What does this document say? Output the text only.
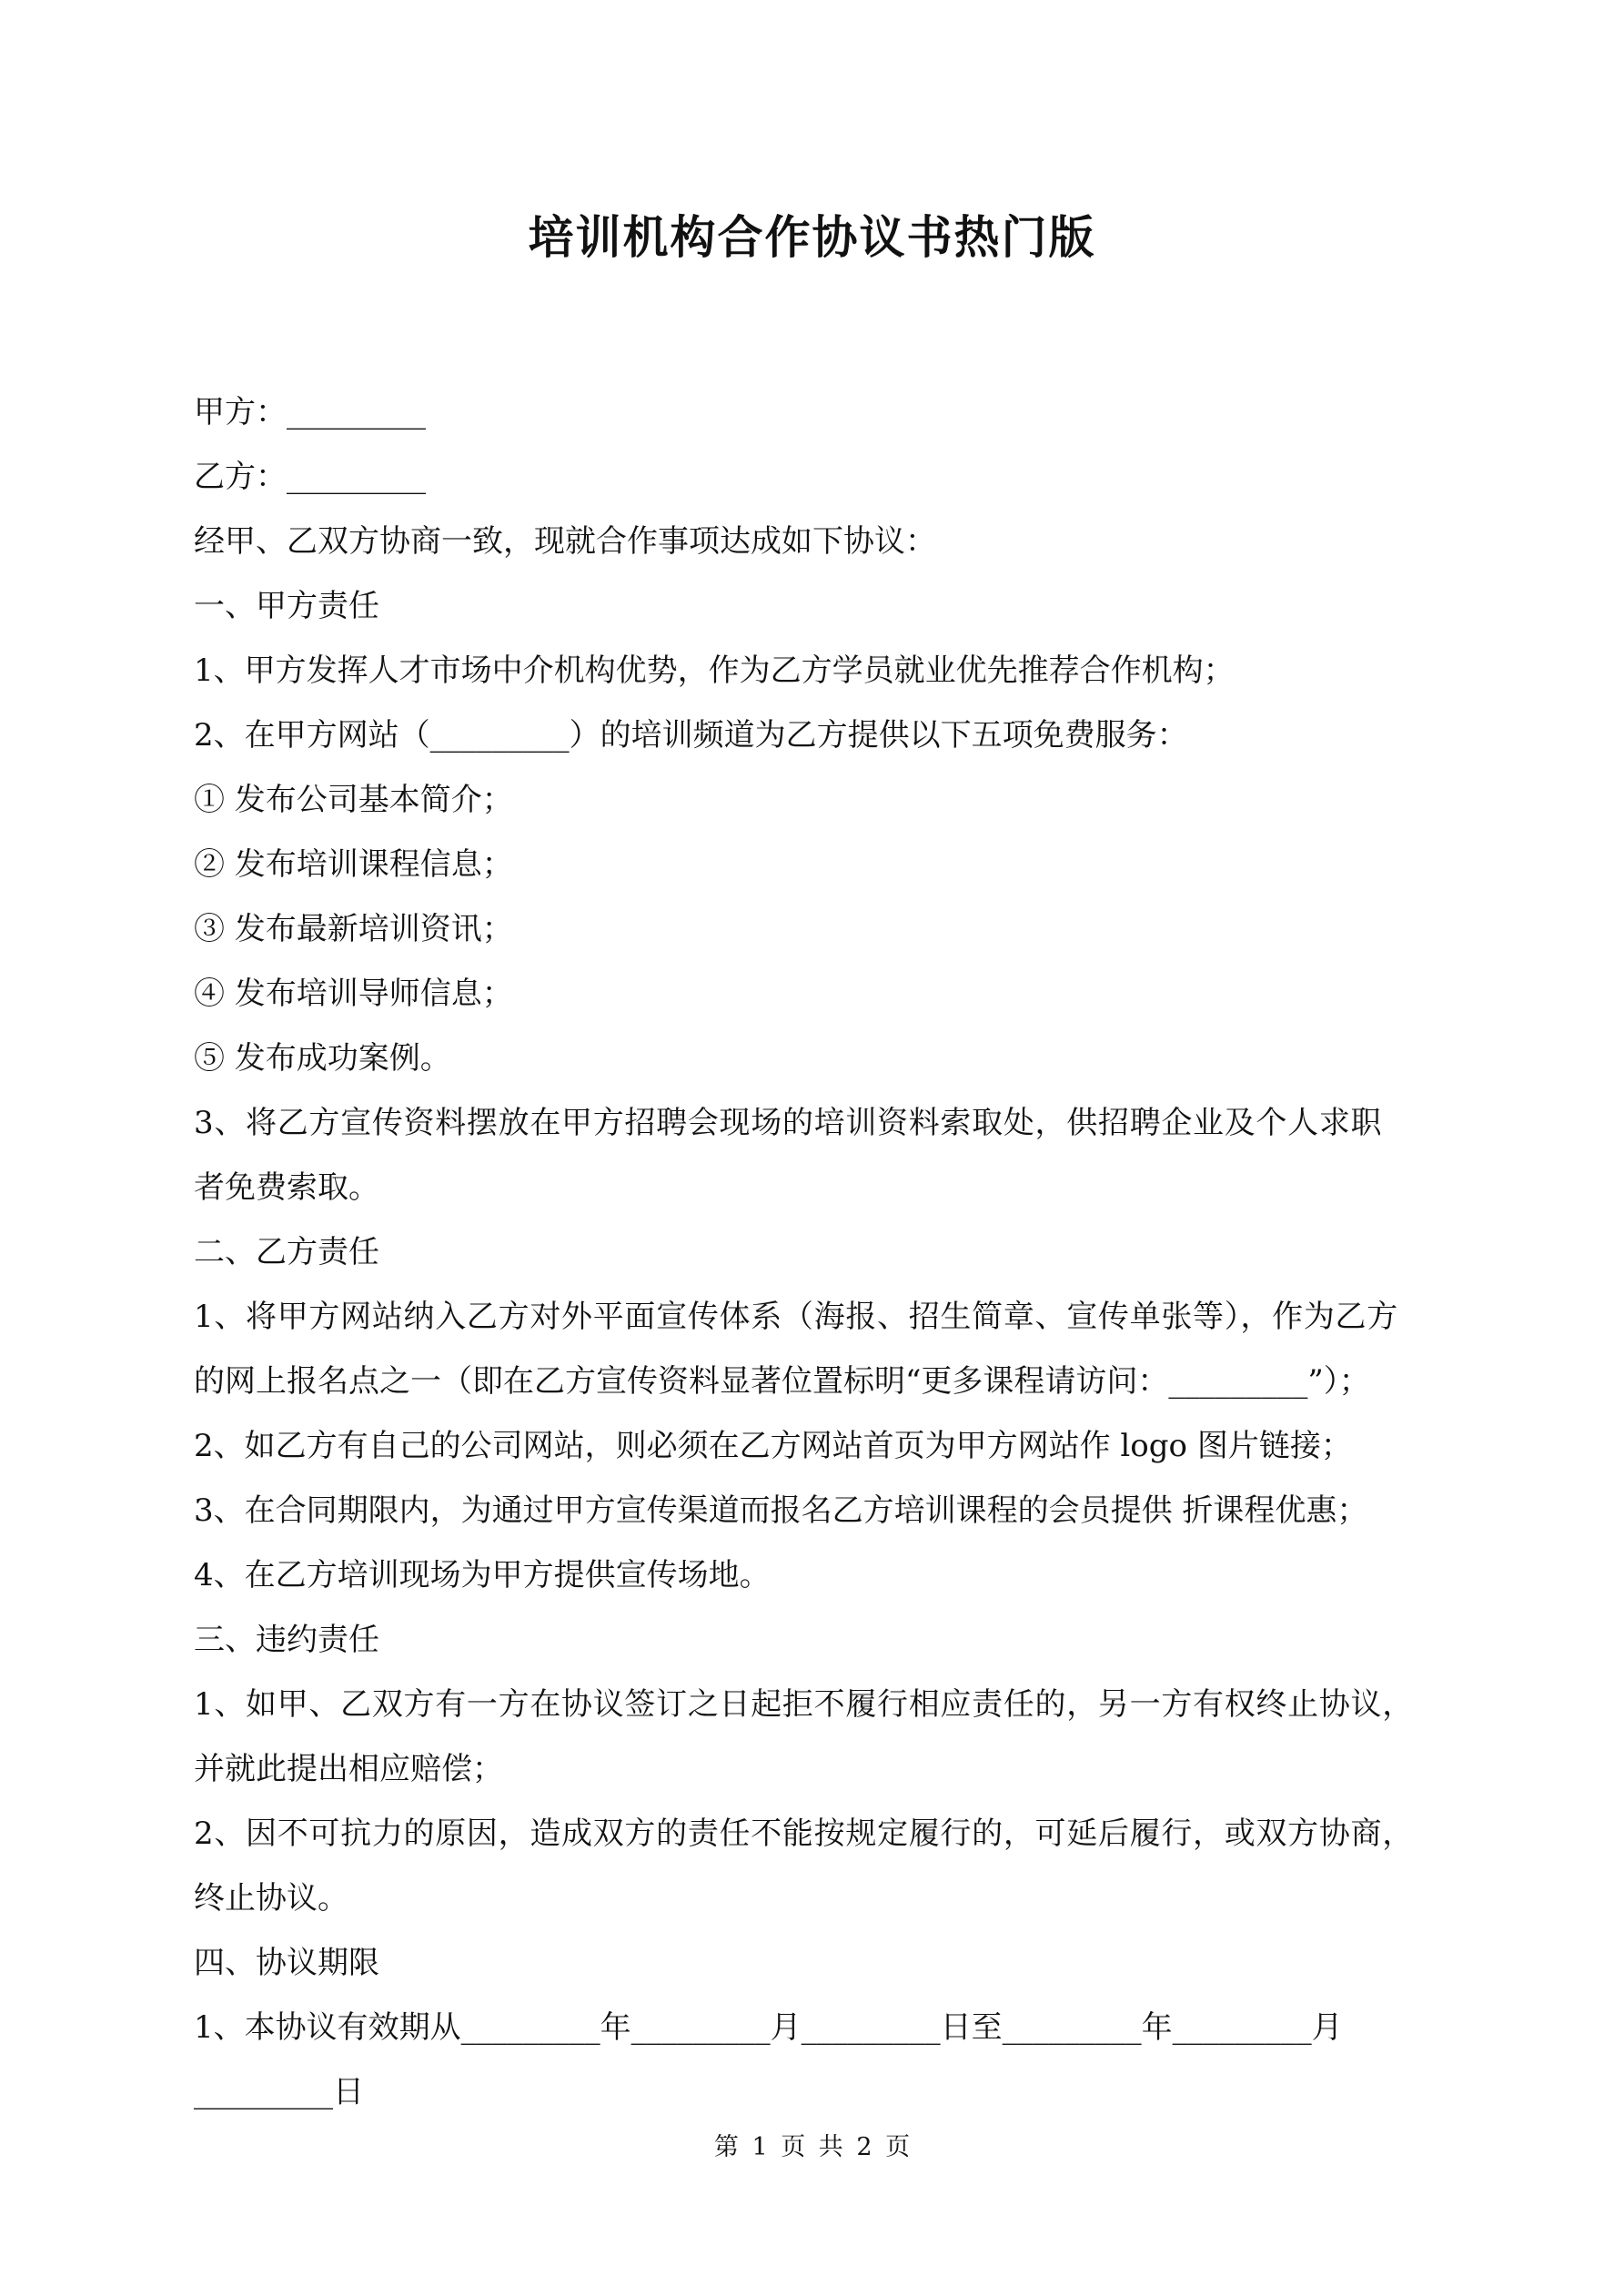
培训机构合作协议书热门版

甲方：_________

乙方：_________

经甲、乙双方协商一致，现就合作事项达成如下协议：

一、甲方责任

1、甲方发挥人才市场中介机构优势，作为乙方学员就业优先推荐合作机构；

2、在甲方网站（_________）的培训频道为乙方提供以下五项免费服务：

① 发布公司基本简介；

② 发布培训课程信息；

③ 发布最新培训资讯；

④ 发布培训导师信息；

⑤ 发布成功案例。

3、将乙方宣传资料摆放在甲方招聘会现场的培训资料索取处，供招聘企业及个人求职

者免费索取。

二、乙方责任

1、将甲方网站纳入乙方对外平面宣传体系（海报、招生简章、宣传单张等），作为乙方

的网上报名点之一（即在乙方宣传资料显著位置标明“更多课程请访问：_________”）；

2、如乙方有自己的公司网站，则必须在乙方网站首页为甲方网站作 logo 图片链接；

3、在合同期限内，为通过甲方宣传渠道而报名乙方培训课程的会员提供 折课程优惠；

4、在乙方培训现场为甲方提供宣传场地。

三、违约责任

1、如甲、乙双方有一方在协议签订之日起拒不履行相应责任的，另一方有权终止协议，

并就此提出相应赔偿；

2、因不可抗力的原因，造成双方的责任不能按规定履行的，可延后履行，或双方协商，

终止协议。

四、协议期限

1、本协议有效期从_________年_________月_________日至_________年_________月

_________日

第 1 页 共 2 页
